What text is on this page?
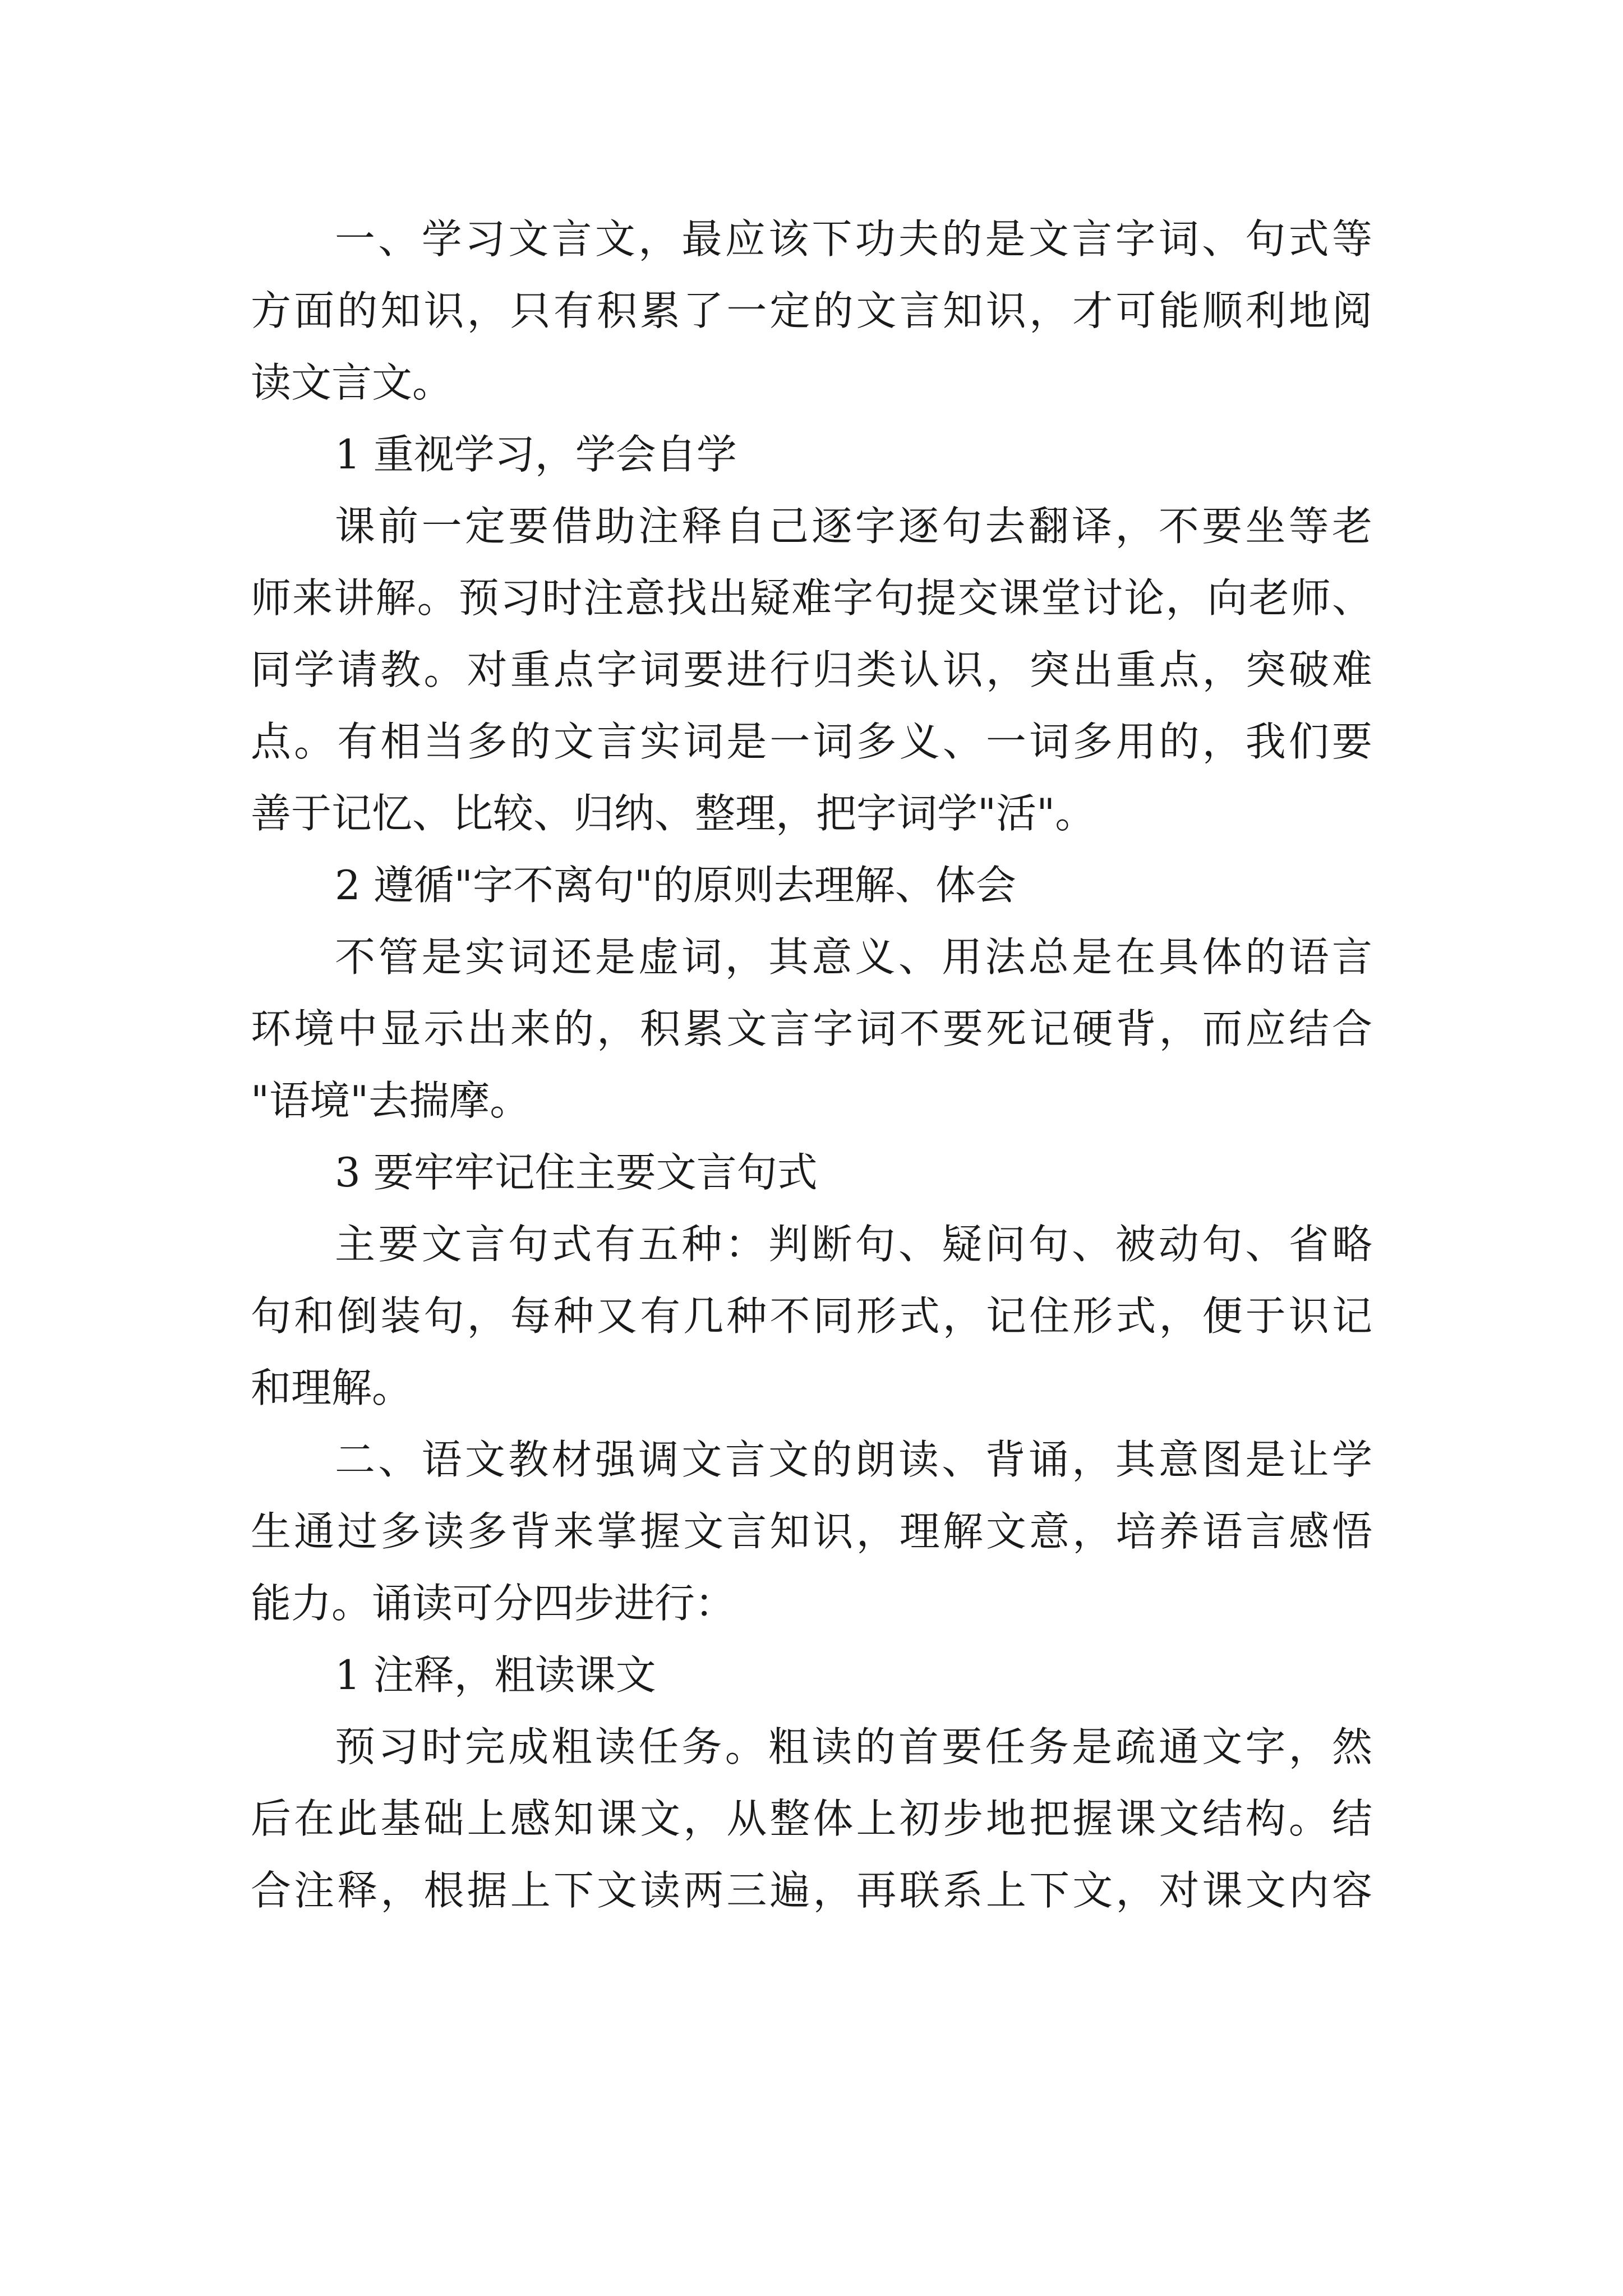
一、学习文言文，最应该下功夫的是文言字词、句式等
方面的知识，只有积累了一定的文言知识，才可能顺利地阅
读文言文。
1 重视学习，学会自学
课前一定要借助注释自己逐字逐句去翻译，不要坐等老
师来讲解。预习时注意找出疑难字句提交课堂讨论，向老师、
同学请教。对重点字词要进行归类认识，突出重点，突破难
点。有相当多的文言实词是一词多义、一词多用的，我们要
善于记忆、比较、归纳、整理，把字词学"活"。
2 遵循"字不离句"的原则去理解、体会
不管是实词还是虚词，其意义、用法总是在具体的语言
环境中显示出来的，积累文言字词不要死记硬背，而应结合
"语境"去揣摩。
3 要牢牢记住主要文言句式
主要文言句式有五种：判断句、疑问句、被动句、省略
句和倒装句，每种又有几种不同形式，记住形式，便于识记
和理解。
二、语文教材强调文言文的朗读、背诵，其意图是让学
生通过多读多背来掌握文言知识，理解文意，培养语言感悟
能力。诵读可分四步进行：
1 注释，粗读课文
预习时完成粗读任务。粗读的首要任务是疏通文字，然
后在此基础上感知课文，从整体上初步地把握课文结构。结
合注释，根据上下文读两三遍，再联系上下文，对课文内容
